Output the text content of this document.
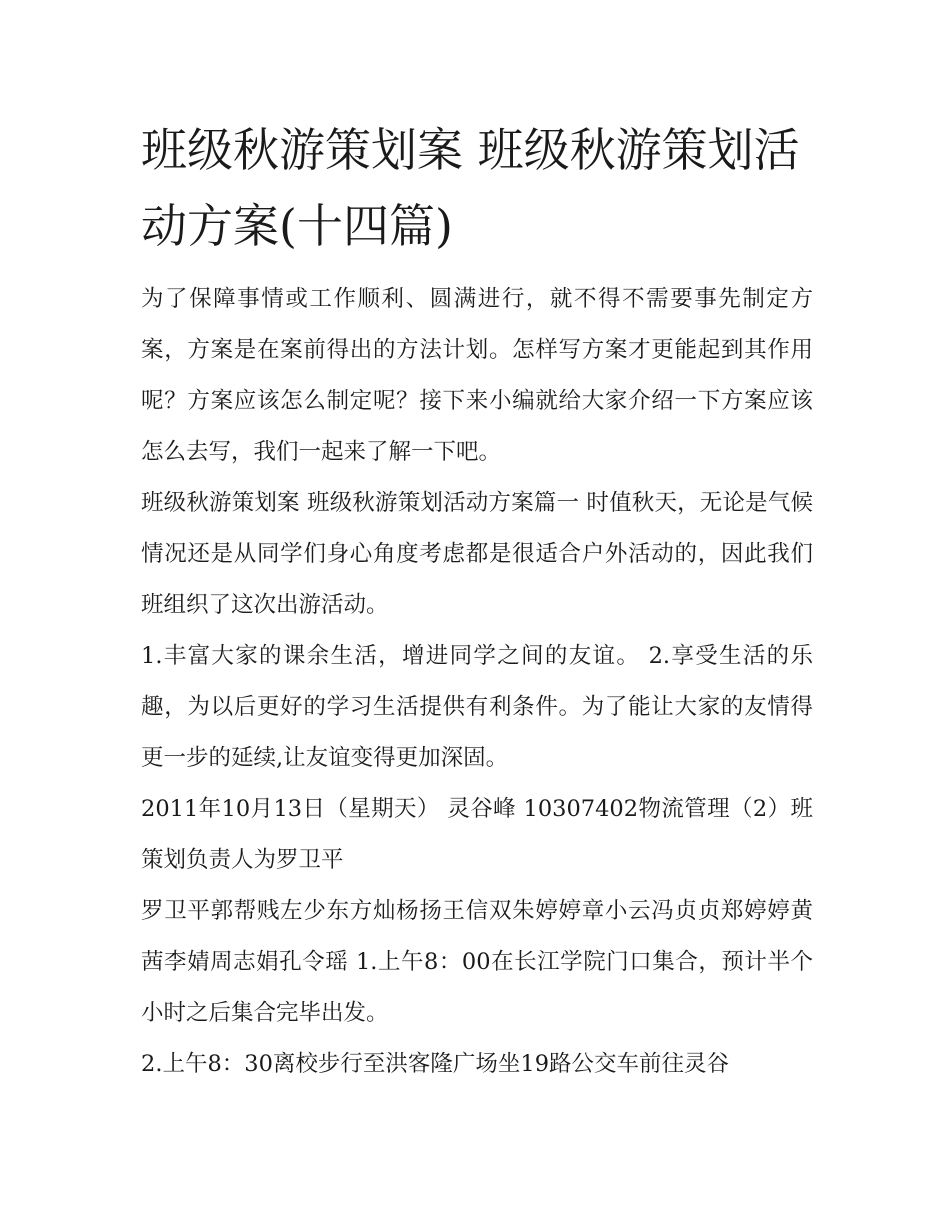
班级秋游策划案 班级秋游策划活动方案(十四篇)

为了保障事情或工作顺利、圆满进行，就不得不需要事先制定方案，方案是在案前得出的方法计划。怎样写方案才更能起到其作用呢？方案应该怎么制定呢？接下来小编就给大家介绍一下方案应该怎么去写，我们一起来了解一下吧。

班级秋游策划案 班级秋游策划活动方案篇一 时值秋天，无论是气候情况还是从同学们身心角度考虑都是很适合户外活动的，因此我们班组织了这次出游活动。

1.丰富大家的课余生活，增进同学之间的友谊。 2.享受生活的乐趣，为以后更好的学习生活提供有利条件。为了能让大家的友情得更一步的延续,让友谊变得更加深固。

2011年10月13日（星期天） 灵谷峰 10307402物流管理（2）班 策划负责人为罗卫平

罗卫平郭帮贱左少东方灿杨扬王信双朱婷婷章小云冯贞贞郑婷婷黄茜李婧周志娟孔令瑶 1.上午8：00在长江学院门口集合，预计半个小时之后集合完毕出发。

2.上午8：30离校步行至洪客隆广场坐19路公交车前往灵谷
